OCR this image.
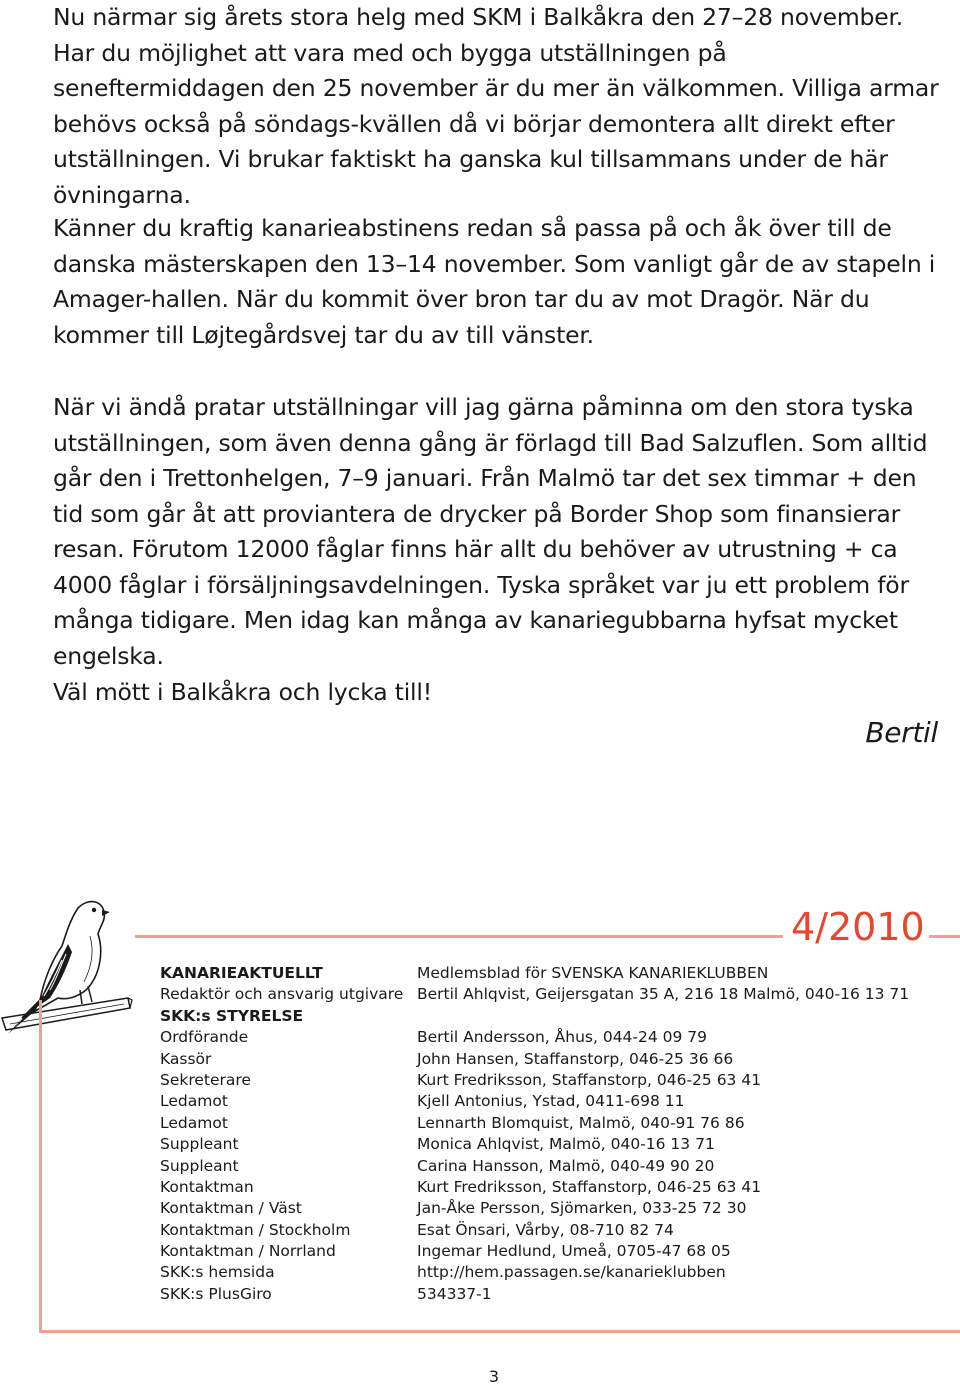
Nu närmar sig årets stora helg med SKM i Balkåkra den 27–28 november. Har du möjlighet att vara med och bygga utställningen på seneftermiddagen den 25 november är du mer än välkommen. Villiga armar behövs också på söndags-kvällen då vi börjar demontera allt direkt efter utställningen. Vi brukar faktiskt ha ganska kul tillsammans under de här övningarna.

Känner du kraftig kanarieabstinens redan så passa på och åk över till de danska mästerskapen den 13–14 november. Som vanligt går de av stapeln i Amager-hallen. När du kommit över bron tar du av mot Dragör. När du kommer till Løjtegårdsvej tar du av till vänster.

När vi ändå pratar utställningar vill jag gärna påminna om den stora tyska utställningen, som även denna gång är förlagd till Bad Salzuflen. Som alltid går den i Trettonhelgen, 7–9 januari. Från Malmö tar det sex timmar + den tid som går åt att proviantera de drycker på Border Shop som finansierar resan. Förutom 12000 fåglar finns här allt du behöver av utrustning + ca 4000 fåglar i försäljningsavdelningen. Tyska språket var ju ett problem för många tidigare. Men idag kan många av kanariegubbarna hyfsat mycket engelska.

Väl mött i Balkåkra och lycka till!

Bertil
4/2010
KANARIEAKTUELLT	Medlemsblad för SVENSKA KANARIEKLUBBEN
Redaktör och ansvarig utgivare Bertil Ahlqvist, Geijersgatan 35 A, 216 18 Malmö, 040-16 13 71
SKK:s STYRELSE
Ordförande	Bertil Andersson, Åhus, 044-24 09 79
Kassör	John Hansen, Staffanstorp, 046-25 36 66
Sekreterare	Kurt Fredriksson, Staffanstorp, 046-25 63 41
Ledamot	Kjell Antonius, Ystad, 0411-698 11
Ledamot	Lennarth Blomquist, Malmö, 040-91 76 86
Suppleant	Monica Ahlqvist, Malmö, 040-16 13 71
Suppleant	Carina Hansson, Malmö, 040-49 90 20
Kontaktman	Kurt Fredriksson, Staffanstorp, 046-25 63 41
Kontaktman / Väst	Jan-Åke Persson, Sjömarken, 033-25 72 30
Kontaktman / Stockholm	Esat Önsari, Vårby, 08-710 82 74
Kontaktman / Norrland	Ingemar Hedlund, Umeå, 0705-47 68 05
SKK:s hemsida	http://hem.passagen.se/kanarieklubben
SKK:s PlusGiro	534337-1
3
